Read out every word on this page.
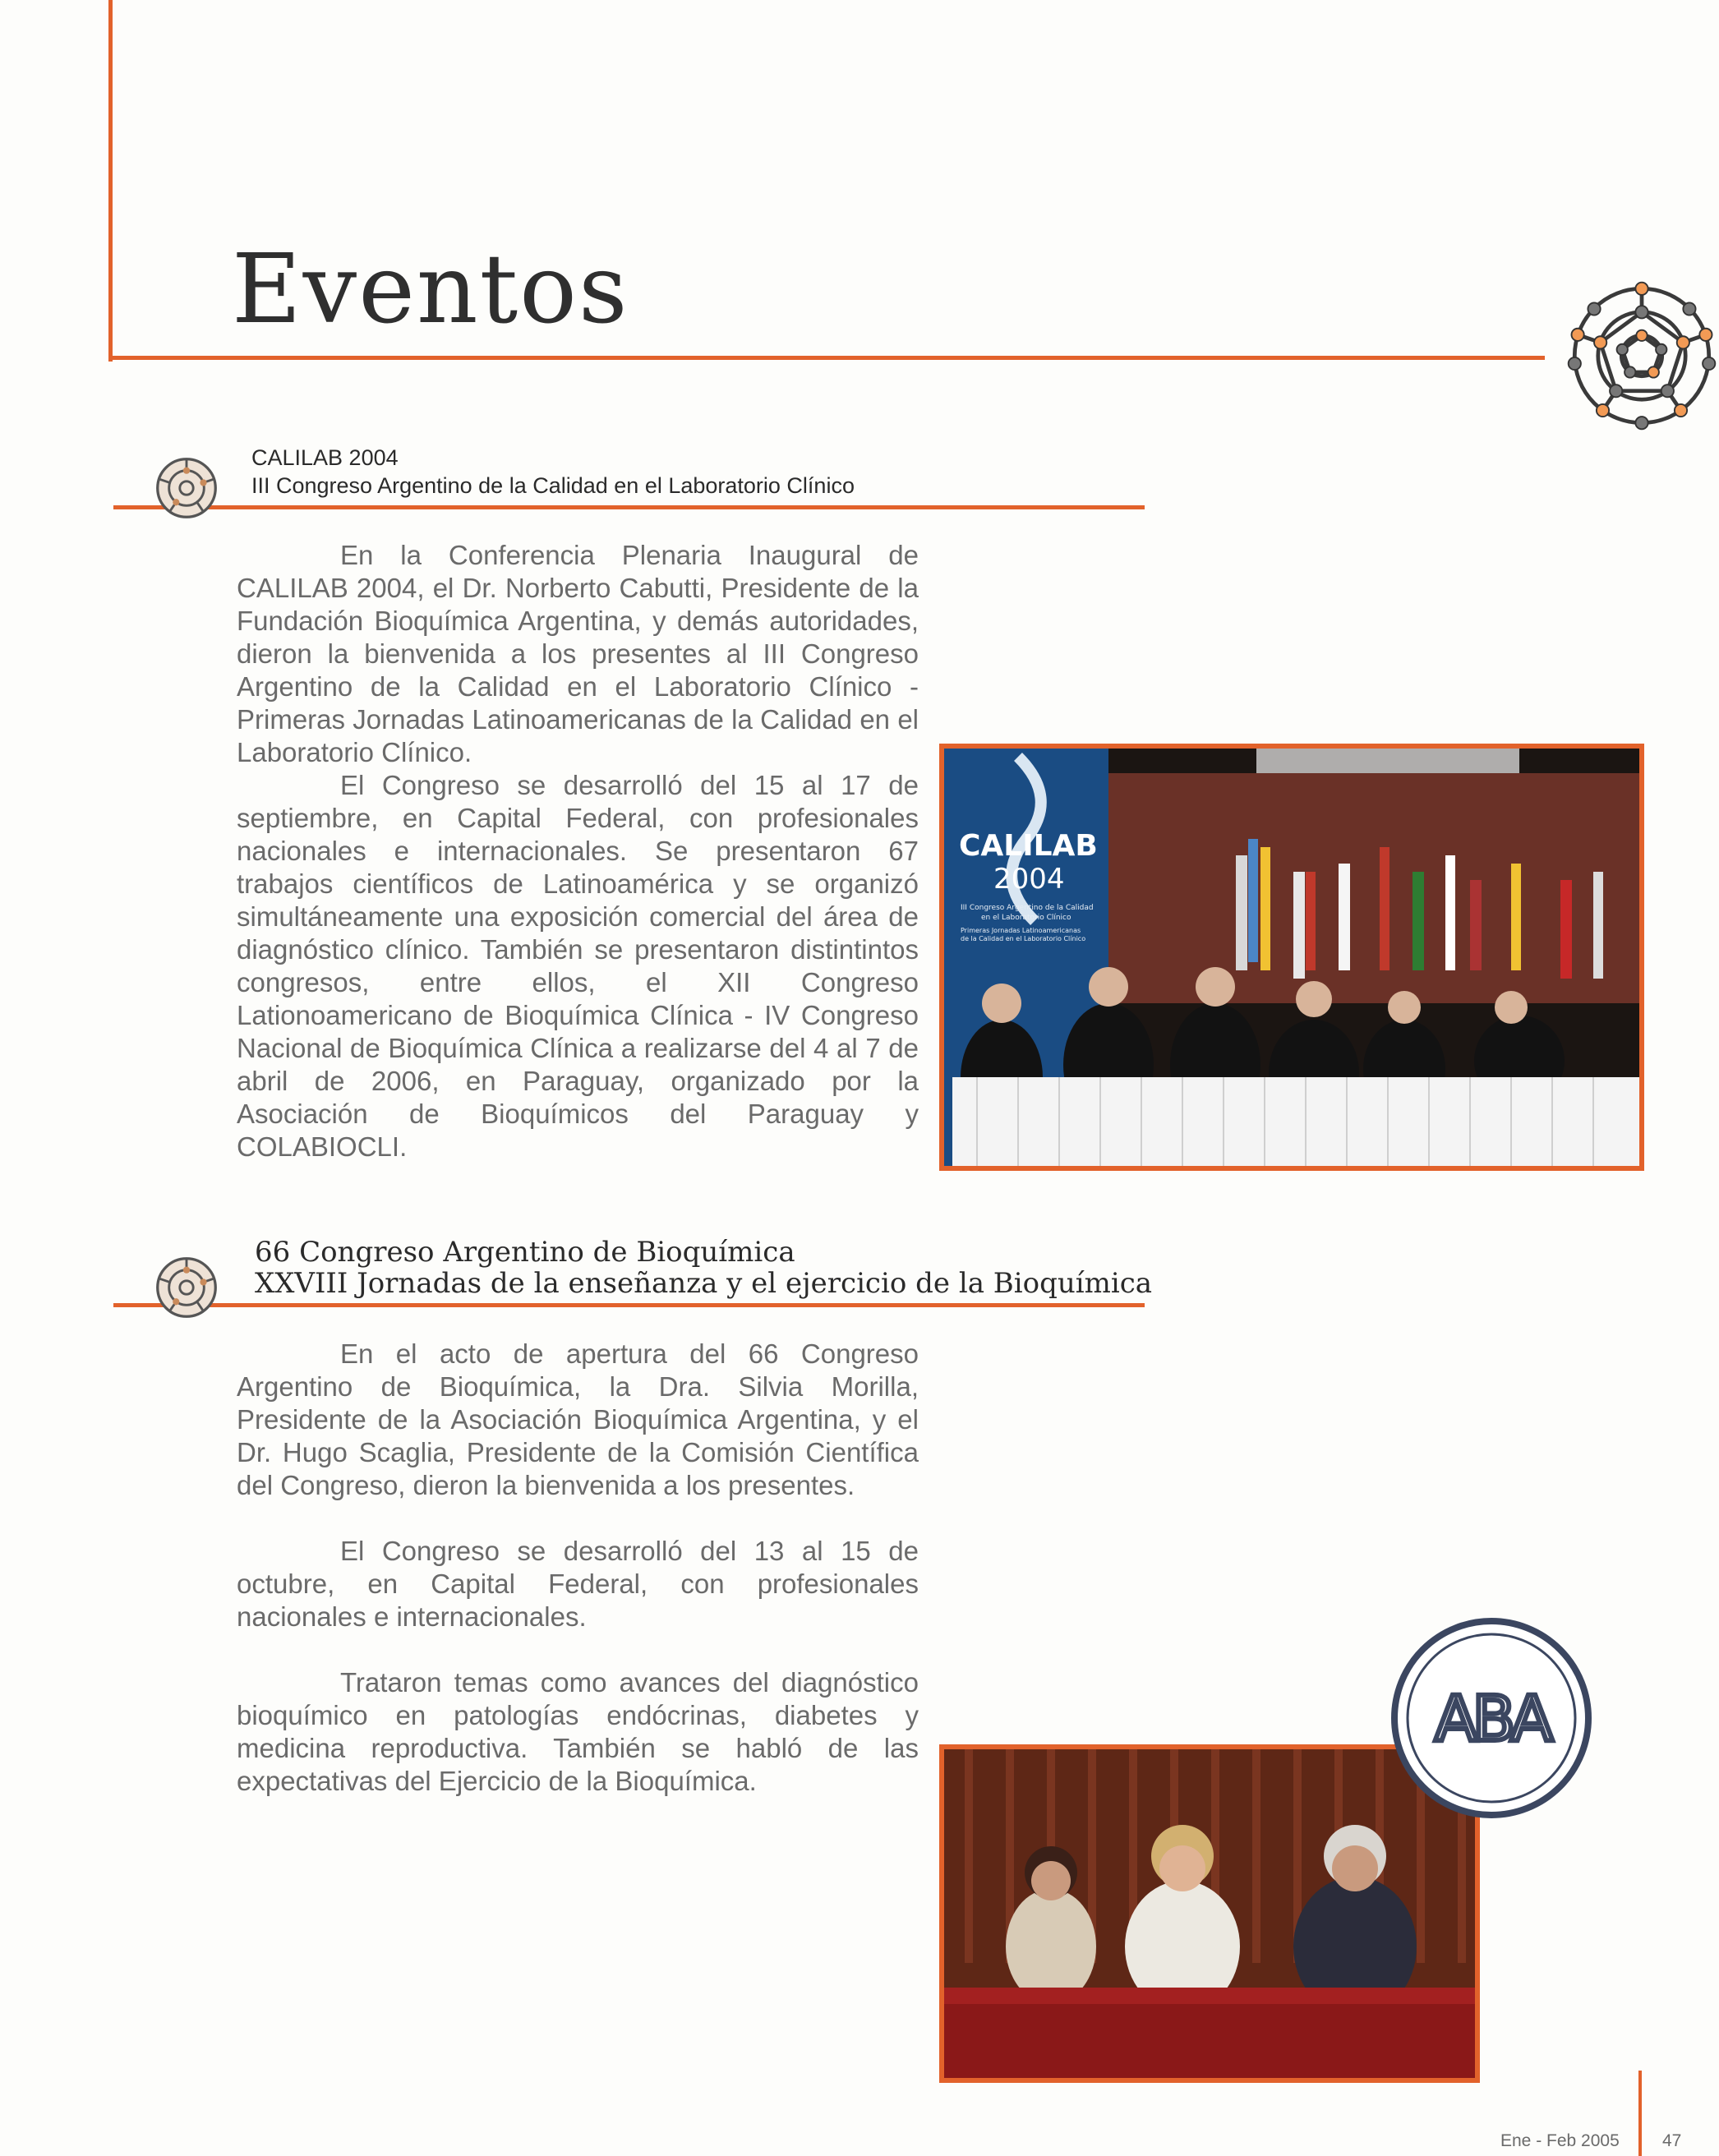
Eventos
CALILAB 2004
III Congreso Argentino de la Calidad en el Laboratorio Clínico

En la Conferencia Plenaria Inaugural de CALILAB 2004, el Dr. Norberto Cabutti, Presidente de la Fundación Bioquímica Argentina, y demás autoridades, dieron la bienvenida a los presentes al III Congreso Argentino de la Calidad en el Laboratorio Clínico - Primeras Jornadas Latinoamericanas de la Calidad en el Laboratorio Clínico.

El Congreso se desarrolló del 15 al 17 de septiembre, en Capital Federal, con profesionales nacionales e internacionales. Se presentaron 67 trabajos científicos de Latinoamérica y se organizó simultáneamente una exposición comercial del área de diagnóstico clínico. También se presentaron distintintos congresos, entre ellos, el XII Congreso Lationoamericano de Bioquímica Clínica - IV Congreso Nacional de Bioquímica Clínica a realizarse del 4 al 7 de abril de 2006, en Paraguay, organizado por la Asociación de Bioquímicos del Paraguay y COLABIOCLI.

CALILAB
2004
III Congreso Argentino de la Calidad
en el Laboratorio Clínico
Primeras Jornadas Latinoamericanas
de la Calidad en el Laboratorio Clínico
66 Congreso Argentino de Bioquímica
XXVIII Jornadas de la enseñanza y el ejercicio de la Bioquímica

En el acto de apertura del 66 Congreso Argentino de Bioquímica, la Dra. Silvia Morilla, Presidente de la Asociación Bioquímica Argentina, y el Dr. Hugo Scaglia, Presidente de la Comisión Científica del Congreso, dieron la bienvenida a los presentes.

El Congreso se desarrolló del 13 al 15 de octubre, en Capital Federal, con profesionales nacionales e internacionales.

Trataron temas como avances del diagnóstico bioquímico en patologías endócrinas, diabetes y medicina reproductiva. También se habló de las expectativas del Ejercicio de la Bioquímica.

ABA
Ene - Feb 2005 47
